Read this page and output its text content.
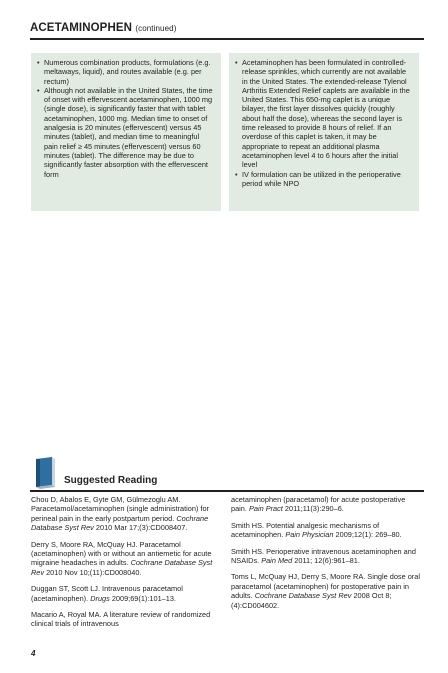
ACETAMINOPHEN (continued)
• Numerous combination products, formulations (e.g. meltaways, liquid), and routes available (e.g. per rectum)
• Although not available in the United States, the time of onset with effervescent acetaminophen, 1000 mg (single dose), is significantly faster that with tablet acetaminophen, 1000 mg. Median time to onset of analgesia is 20 minutes (effervescent) versus 45 minutes (tablet), and median time to meaningful pain relief ≥ 45 minutes (effervescent) versus 60 minutes (tablet). The difference may be due to significantly faster absorption with the effervescent form
• Acetaminophen has been formulated in controlled-release sprinkles, which currently are not available in the United States. The extended-release Tylenol Arthritis Extended Relief caplets are available in the United States. This 650-mg caplet is a unique bilayer, the first layer dissolves quickly (roughly about half the dose), whereas the second layer is time released to provide 8 hours of relief. If an overdose of this caplet is taken, it may be appropriate to repeat an additional plasma acetaminophen level 4 to 6 hours after the initial level
• IV formulation can be utilized in the perioperative period while NPO
Suggested Reading

Chou D, Abalos E, Gyte GM, Gülmezoglu AM. Paracetamol/acetaminophen (single administration) for perineal pain in the early postpartum period. Cochrane Database Syst Rev 2010 Mar 17;(3):CD008407.

Derry S, Moore RA, McQuay HJ. Paracetamol (acetaminophen) with or without an antiemetic for acute migraine headaches in adults. Cochrane Database Syst Rev 2010 Nov 10;(11):CD008040.

Duggan ST, Scott LJ. Intravenous paracetamol (acetaminophen). Drugs 2009;69(1):101–13.

Macario A, Royal MA. A literature review of randomized clinical trials of intravenous

acetaminophen (paracetamol) for acute postoperative pain. Pain Pract 2011;11(3):290–6.

Smith HS. Potential analgesic mechanisms of acetaminophen. Pain Physician 2009;12(1): 269–80.

Smith HS. Perioperative intravenous acetaminophen and NSAIDs. Pain Med 2011; 12(6):961–81.

Toms L, McQuay HJ, Derry S, Moore RA. Single dose oral paracetamol (acetaminophen) for postoperative pain in adults. Cochrane Database Syst Rev 2008 Oct 8;(4):CD004602.

4
